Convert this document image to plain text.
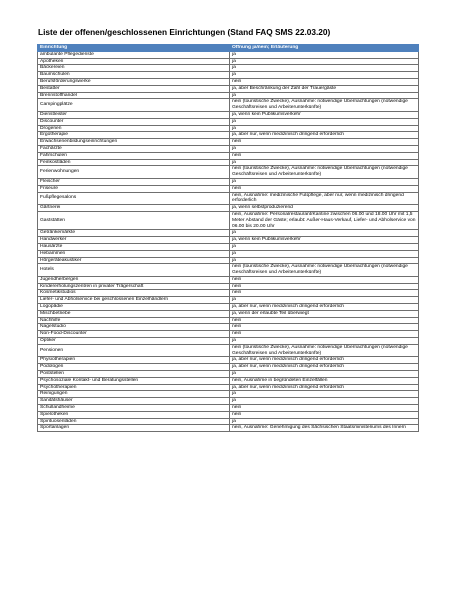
Liste der offenen/geschlossenen Einrichtungen (Stand FAQ SMS 22.03.20)
Einrichtung	Öffnung ja/nein; Erläuterung
ambulante Pflegedienste	ja
Apotheken	ja
Bäckereien	ja
Baumschulen	ja
Berufsförderungswerke	nein
Bestatter	ja, aber Beschränkung der Zahl der Trauergäste
Brennstoffhandel	ja
Campingplätze	nein (touristische Zwecke), Ausnahme: notwendige Übernachtungen (notwendige Geschäftsreisen und Arbeiterunterkünfte)
Dienstleister	ja, wenn kein Publikumsverkehr
Discounter	ja
Drogerien	ja
Ergotherapie	ja, aber nur, wenn medizinisch dringend erforderlich
Erwachsenenbildungseinrichtungen	nein
Fachärzte	ja
Fahrschulen	nein
Feinkostläden	ja
Ferienwohnungen	nein (touristische Zwecke), Ausnahme: notwendige Übernachtungen (notwendige Geschäftsreisen und Arbeiterunterkünfte)
Fleischer	ja
Friseure	nein
Fußpflegesalons	nein, Ausnahme: medizinische Fußpflege, aber nur, wenn medizinisch dringend erforderlich
Gärtnerei	ja, wenn selbstproduzierend
Gaststätten	nein, Ausnahme: Personalrestaurant/Kantine zwischen 06.00 und 18.00 Uhr mit 1,5 Meter Abstand der Gäste; erlaubt: Außer-Haus-Verkauf, Liefer- und Abholservice von 06.00 bis 20.00 Uhr
Getränkemärkte	ja
Handwerker	ja, wenn kein Publikumsverkehr
Hausärzte	ja
Hebammen	ja
Hörgeräteakustiker	ja
Hotels	nein (touristische Zwecke), Ausnahme: notwendige Übernachtungen (notwendige Geschäftsreisen und Arbeiterunterkünfte)
Jugendherbergen	nein
Kindererholungszentren in privater Trägerschaft	nein
Kosmetikstudios	nein
Liefer- und Abholservice bei geschlossenen Einzelhändlern	ja
Logopädie	ja, aber nur, wenn medizinisch dringend erforderlich
Mischbetriebe	ja, wenn der erlaubte Teil überwiegt
Nachhilfe	nein
Nagelstudio	nein
Non-Food-Discounter	nein
Optiker	ja
Pensionen	nein (touristische Zwecke), Ausnahme: notwendige Übernachtungen (notwendige Geschäftsreisen und Arbeiterunterkünfte)
Physiotherapien	ja, aber nur, wenn medizinisch dringend erforderlich
Podologen	ja, aber nur, wenn medizinisch dringend erforderlich
Poststellen	ja
Psychosoziale Kontakt- und Beratungsstellen	nein, Ausnahme in begründeten Einzelfällen
Psychotherapien	ja, aber nur, wenn medizinisch dringend erforderlich
Reinigungen	ja
Sanitätshäuser	ja
Schullandheime	nein
Spielotheken	nein
Spirituosenläden	ja
Sportanlagen	nein, Ausnahme: Genehmigung des Sächsischen Staatsministeriums des Innern
